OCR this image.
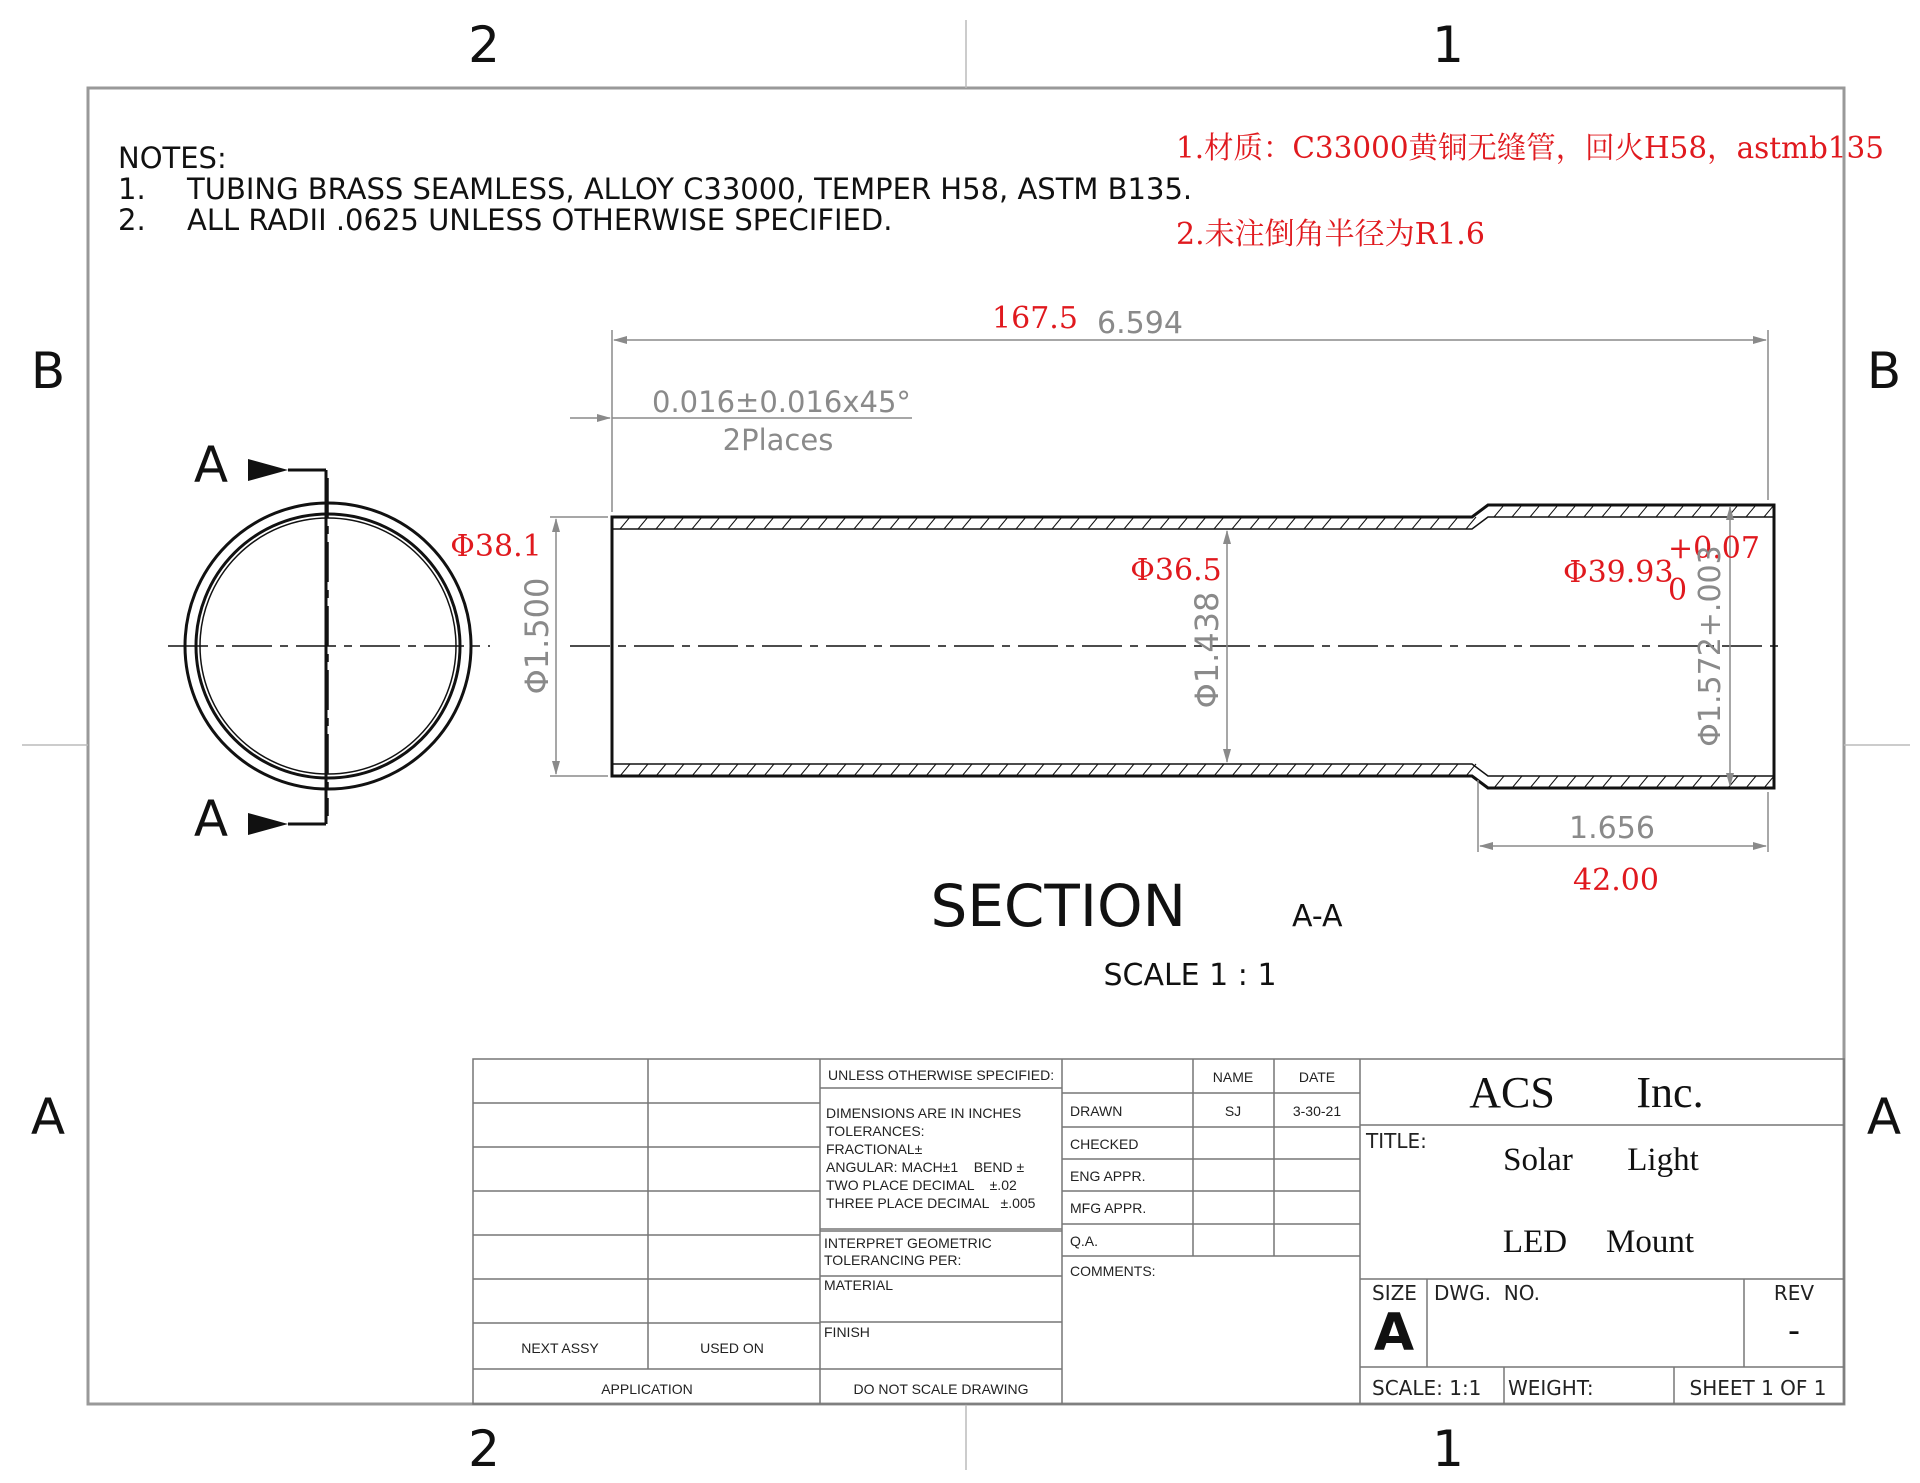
2	1
2	1
B
A
B
A
NOTES:
1. TUBING BRASS SEAMLESS, ALLOY C33000, TEMPER H58, ASTM B135.
2. ALL RADII .0625 UNLESS OTHERWISE SPECIFIED.
1.材质：C33000黄铜无缝管，回火H58，astmb135
2.未注倒角半径为R1.6
A
A
167.5 6.594
0.016±0.016x45°
2Places
Φ38.1
Φ1.500
Φ36.5
Φ1.438
Φ39.93
+0.07
0 Φ1.572+.003
1.656
42.00
SECTION	A-A
SCALE 1 : 1
NEXT ASSY	USED ON
APPLICATION
UNLESS OTHERWISE SPECIFIED:
DIMENSIONS ARE IN INCHES
TOLERANCES:
FRACTIONAL±
ANGULAR: MACH±1    BEND ±
TWO PLACE DECIMAL    ±.02
THREE PLACE DECIMAL   ±.005
INTERPRET GEOMETRIC
TOLERANCING PER:
MATERIAL
FINISH
DO NOT SCALE DRAWING
NAME	DATE
DRAWN	SJ	3-30-21
CHECKED
ENG APPR.
MFG APPR.
Q.A.
COMMENTS:
ACS Inc.
TITLE:
Solar Light
LED Mount
SIZE
A
DWG.  NO.	REV
-
SCALE: 1:1 WEIGHT:	SHEET 1 OF 1
